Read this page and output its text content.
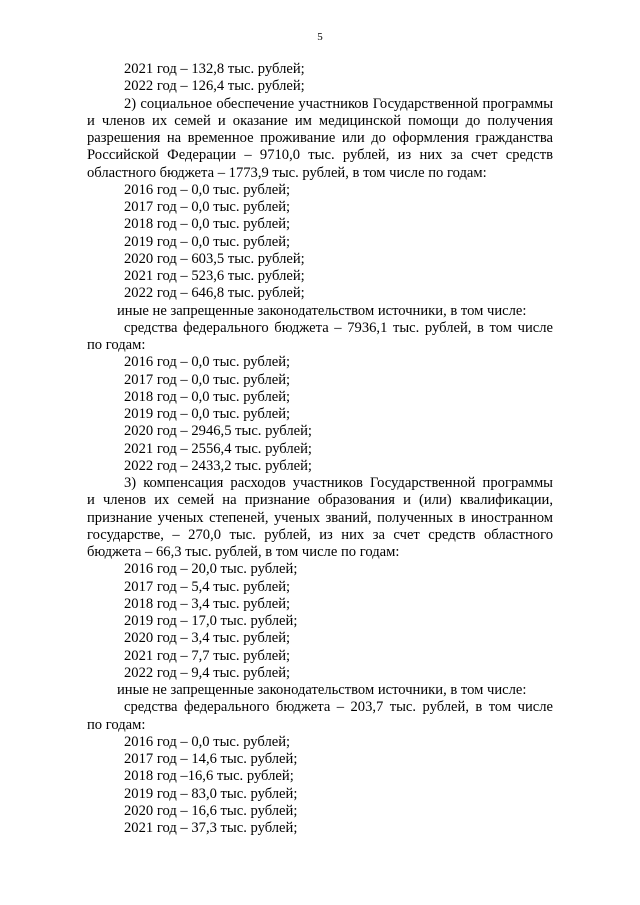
5
2021 год – 132,8 тыс. рублей;
2022 год – 126,4 тыс. рублей;
2) социальное обеспечение участников Государственной программы
и членов их семей и оказание им медицинской помощи до получения
разрешения на временное проживание или до оформления гражданства
Российской Федерации – 9710,0 тыс. рублей, из них за счет средств
областного бюджета – 1773,9 тыс. рублей, в том числе по годам:
2016 год – 0,0 тыс. рублей;
2017 год – 0,0 тыс. рублей;
2018 год – 0,0 тыс. рублей;
2019 год – 0,0 тыс. рублей;
2020 год – 603,5 тыс. рублей;
2021 год – 523,6 тыс. рублей;
2022 год – 646,8 тыс. рублей;
иные не запрещенные законодательством источники, в том числе:
средства федерального бюджета – 7936,1 тыс. рублей, в том числе
по годам:
2016 год – 0,0 тыс. рублей;
2017 год – 0,0 тыс. рублей;
2018 год – 0,0 тыс. рублей;
2019 год – 0,0 тыс. рублей;
2020 год – 2946,5 тыс. рублей;
2021 год – 2556,4 тыс. рублей;
2022 год – 2433,2 тыс. рублей;
3) компенсация расходов участников Государственной программы
и членов их семей на признание образования и (или) квалификации,
признание ученых степеней, ученых званий, полученных в иностранном
государстве, – 270,0 тыс. рублей, из них за счет средств областного
бюджета – 66,3 тыс. рублей, в том числе по годам:
2016 год – 20,0 тыс. рублей;
2017 год – 5,4 тыс. рублей;
2018 год – 3,4 тыс. рублей;
2019 год – 17,0 тыс. рублей;
2020 год – 3,4 тыс. рублей;
2021 год – 7,7 тыс. рублей;
2022 год – 9,4 тыс. рублей;
иные не запрещенные законодательством источники, в том числе:
средства федерального бюджета – 203,7 тыс. рублей, в том числе
по годам:
2016 год – 0,0 тыс. рублей;
2017 год – 14,6 тыс. рублей;
2018 год –16,6 тыс. рублей;
2019 год – 83,0 тыс. рублей;
2020 год – 16,6 тыс. рублей;
2021 год – 37,3 тыс. рублей;
